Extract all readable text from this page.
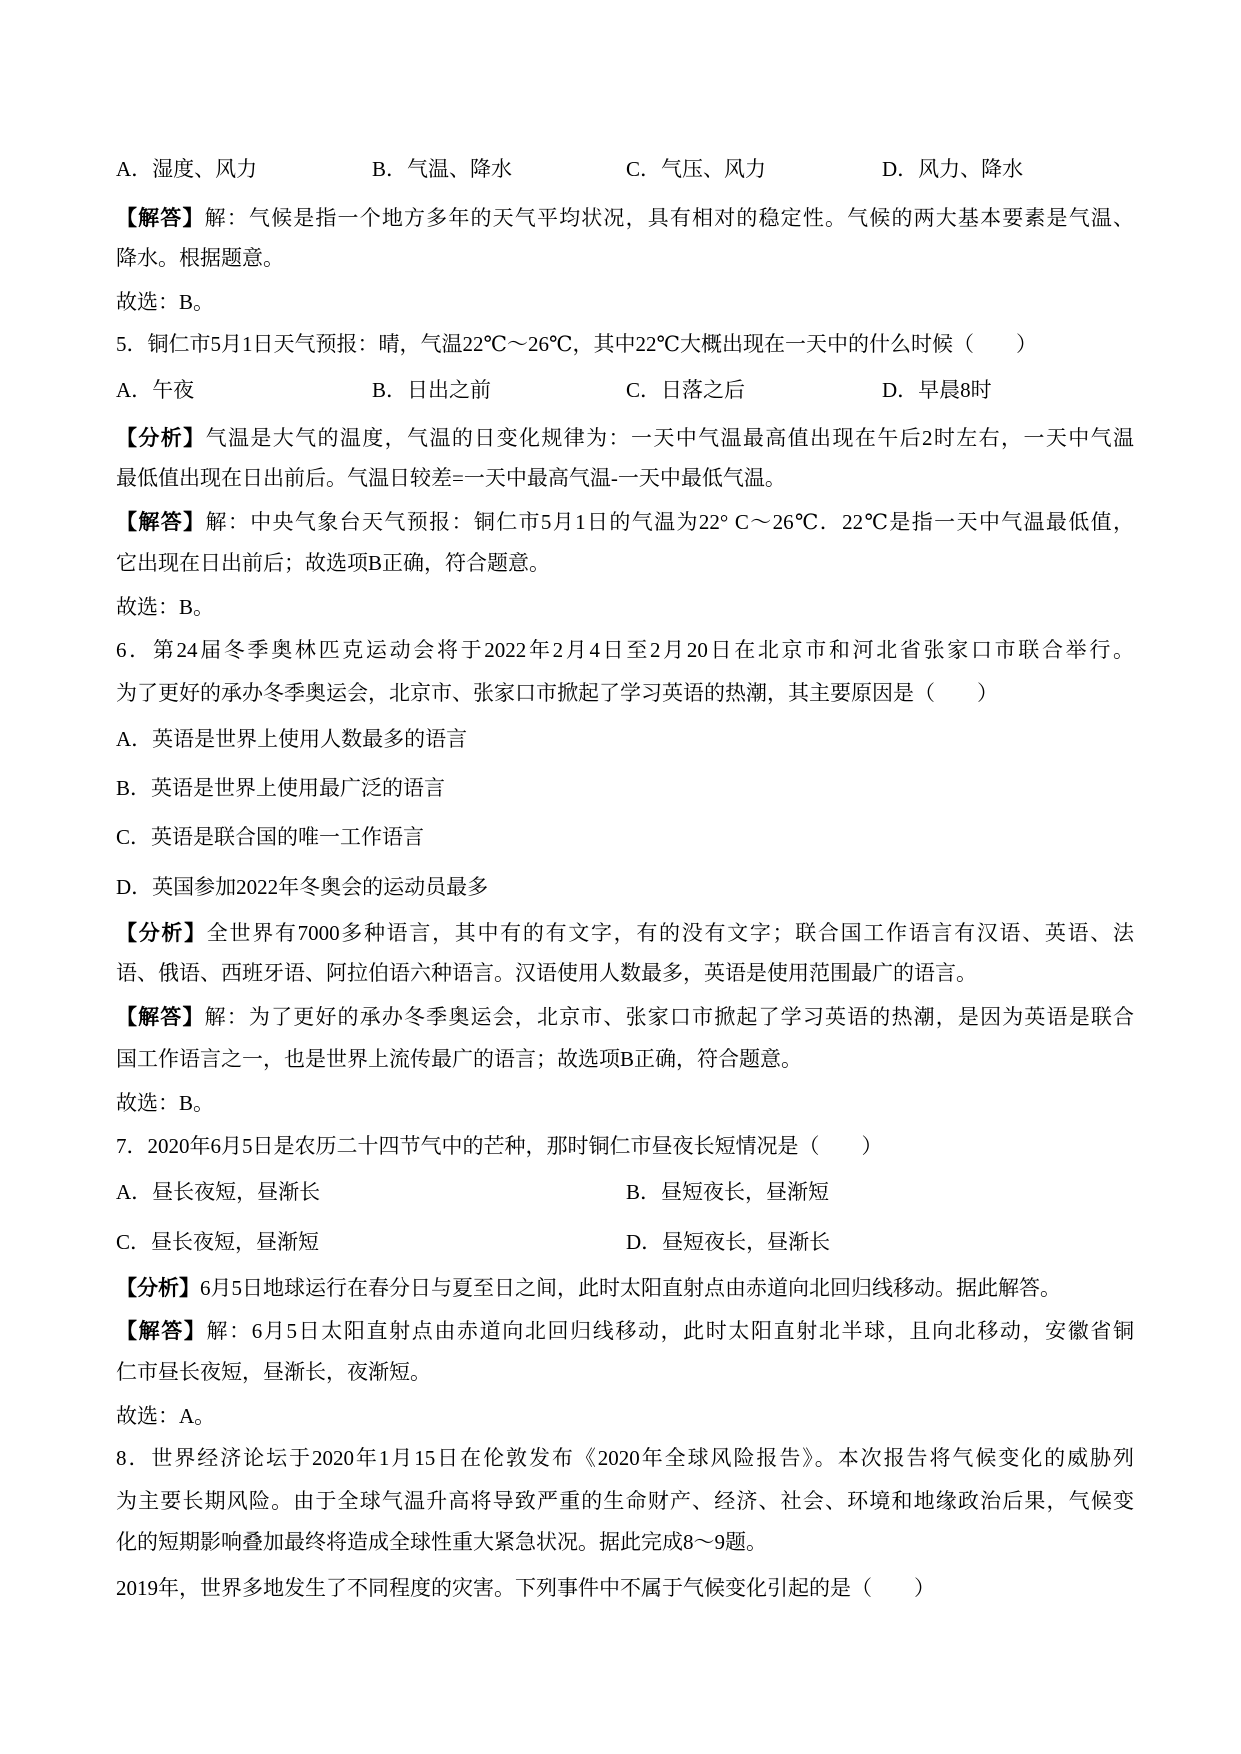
A．湿度、风力	B．气温、降水	C．气压、风力	D．风力、降水
【解答】解：气候是指一个地方多年的天气平均状况，具有相对的稳定性。气候的两大基本要素是气温、
降水。根据题意。
故选：B。
5．铜仁市5月1日天气预报：晴，气温22℃～26℃，其中22℃大概出现在一天中的什么时候（　　）
A．午夜	B．日出之前	C．日落之后	D．早晨8时
【分析】气温是大气的温度，气温的日变化规律为：一天中气温最高值出现在午后2时左右，一天中气温
最低值出现在日出前后。气温日较差=一天中最高气温-一天中最低气温。
【解答】解：中央气象台天气预报：铜仁市5月1日的气温为22° C～26℃．22℃是指一天中气温最低值，
它出现在日出前后；故选项B正确，符合题意。
故选：B。
6．第24届冬季奥林匹克运动会将于2022年2月4日至2月20日在北京市和河北省张家口市联合举行。
为了更好的承办冬季奥运会，北京市、张家口市掀起了学习英语的热潮，其主要原因是（　　）
A．英语是世界上使用人数最多的语言
B．英语是世界上使用最广泛的语言
C．英语是联合国的唯一工作语言
D．英国参加2022年冬奥会的运动员最多
【分析】全世界有7000多种语言，其中有的有文字，有的没有文字；联合国工作语言有汉语、英语、法
语、俄语、西班牙语、阿拉伯语六种语言。汉语使用人数最多，英语是使用范围最广的语言。
【解答】解：为了更好的承办冬季奥运会，北京市、张家口市掀起了学习英语的热潮，是因为英语是联合
国工作语言之一，也是世界上流传最广的语言；故选项B正确，符合题意。
故选：B。
7．2020年6月5日是农历二十四节气中的芒种，那时铜仁市昼夜长短情况是（　　）
A．昼长夜短，昼渐长	B．昼短夜长，昼渐短
C．昼长夜短，昼渐短	D．昼短夜长，昼渐长
【分析】6月5日地球运行在春分日与夏至日之间，此时太阳直射点由赤道向北回归线移动。据此解答。
【解答】解：6月5日太阳直射点由赤道向北回归线移动，此时太阳直射北半球，且向北移动，安徽省铜
仁市昼长夜短，昼渐长，夜渐短。
故选：A。
8．世界经济论坛于2020年1月15日在伦敦发布《2020年全球风险报告》。本次报告将气候变化的威胁列
为主要长期风险。由于全球气温升高将导致严重的生命财产、经济、社会、环境和地缘政治后果，气候变
化的短期影响叠加最终将造成全球性重大紧急状况。据此完成8～9题。
2019年，世界多地发生了不同程度的灾害。下列事件中不属于气候变化引起的是（　　）
